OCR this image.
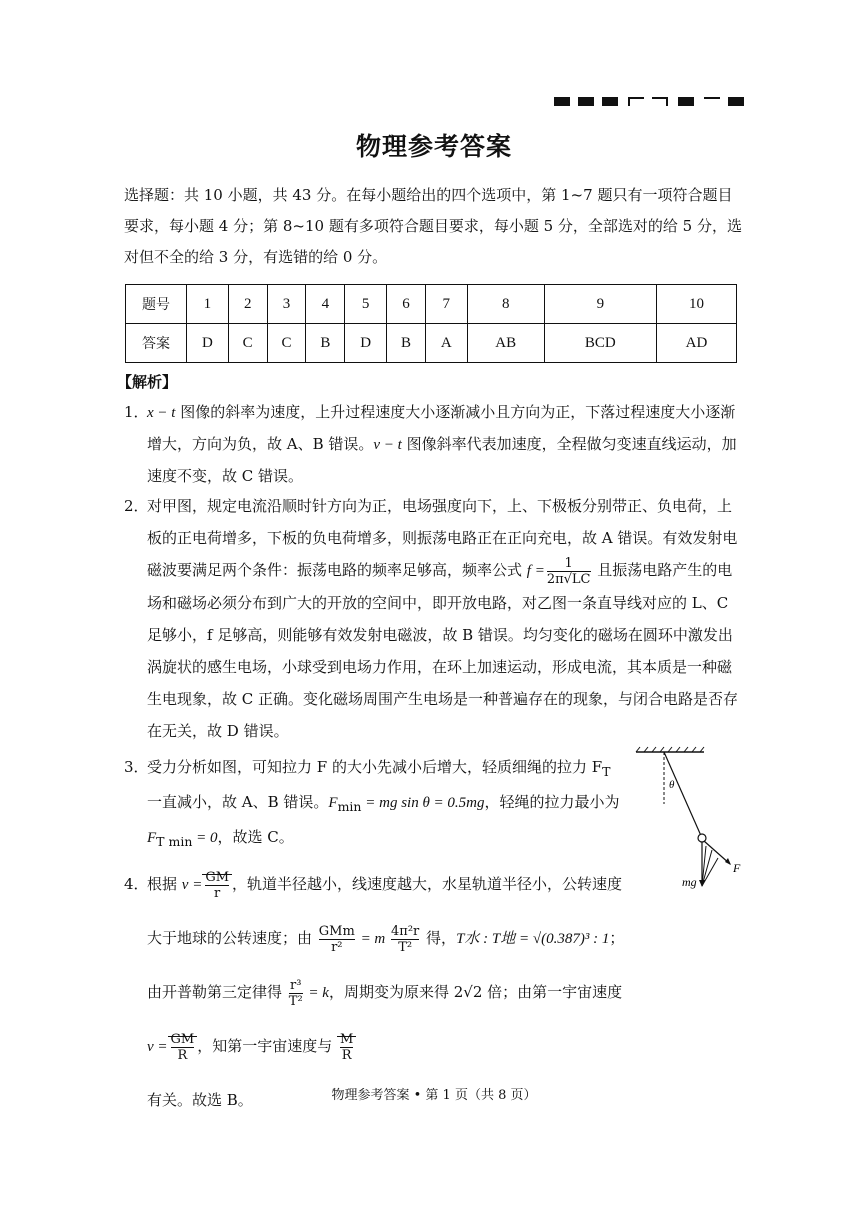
物理参考答案

选择题：共 10 小题，共 43 分。在每小题给出的四个选项中，第 1~7 题只有一项符合题目要求，每小题 4 分；第 8~10 题有多项符合题目要求，每小题 5 分，全部选对的给 5 分，选对但不全的给 3 分，有选错的给 0 分。

题号	1	2	3	4	5	6	7	8	9	10
答案	D	C	C	B	D	B	A	AB	BCD	AD

【解析】

1．
x − t 图像的斜率为速度，上升过程速度大小逐渐减小且方向为正，下落过程速度大小逐渐增大，方向为负，故 A、B 错误。v − t 图像斜率代表加速度，全程做匀变速直线运动，加速度不变，故 C 错误。
2．
对甲图，规定电流沿顺时针方向为正，电场强度向下，上、下极板分别带正、负电荷，上板的正电荷增多，下板的负电荷增多，则振荡电路正在正向充电，故 A 错误。有效发射电磁波要满足两个条件：振荡电路的频率足够高，频率公式 $f = \frac{1}{2\pi√LC}$ 且振荡电路产生的电场和磁场必须分布到广大的开放的空间中，即开放电路，对乙图一条直导线对应的 L、C 足够小，f 足够高，则能够有效发射电磁波，故 B 错误。均匀变化的磁场在圆环中激发出涡旋状的感生电场，小球受到电场力作用，在环上加速运动，形成电流，其本质是一种磁生电现象，故 C 正确。变化磁场周围产生电场是一种普遍存在的现象，与闭合电路是否存在无关，故 D 错误。
3．
受力分析如图，可知拉力 F 的大小先减小后增大，轻质细绳的拉力 $F_T$ 一直减小，故 A、B 错误。$F_{min}$ = mg sin θ = 0.5mg，轻绳的拉力最小为
$F_{T min} = 0$，故选 C。
θ
F
mg
4．
根据 $v = \frac{GM}{r}$ ，轨道半径越小，线速度越大，水星轨道半径小，公转速度大于地球的公转速度；由 $\frac{\text{GMm}}{\text{r²}} = m \frac{\text{4π²r}}{\text{T²}}$ 得，T水 : T地 = √(0.387)³ : 1；由开普勒第三定律得 $\frac{\text{r³}}{\text{T²}} = k$，周期变为原来得 2√2 倍；由第一宇宙速度 $v = \frac{GM}{R}$ ，知第一宇宙速度与 $\frac{M}{R}$

有关。故选 B。	物理参考答案 • 第 1 页（共 8 页）
